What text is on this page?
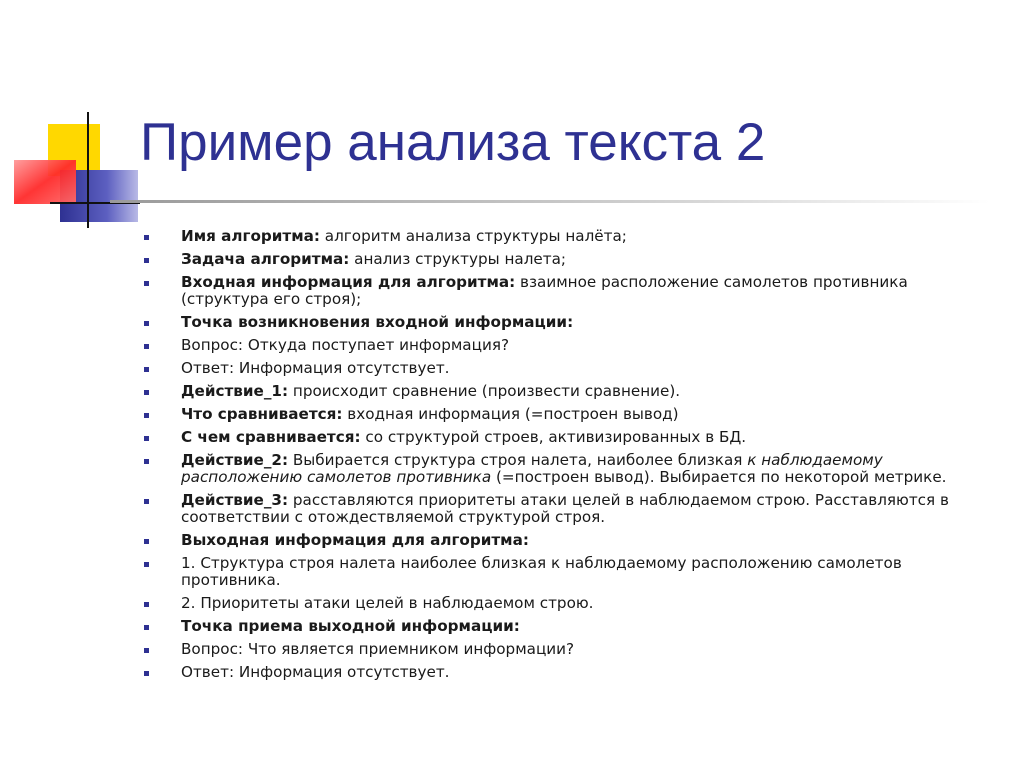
Пример анализа текста 2
Имя алгоритма: алгоритм анализа структуры налёта;
Задача алгоритма: анализ структуры налета;
Входная информация для алгоритма: взаимное расположение самолетов противника (структура его строя);
Точка возникновения входной информации:
Вопрос: Откуда поступает информация?
Ответ: Информация отсутствует.
Действие_1: происходит сравнение (произвести сравнение).
Что сравнивается: входная информация (=построен вывод)
С чем сравнивается: со структурой строев, активизированных в БД.
Действие_2: Выбирается структура строя налета, наиболее близкая к наблюдаемому расположению самолетов противника (=построен вывод). Выбирается по некоторой метрике.
Действие_3: расставляются приоритеты атаки целей в наблюдаемом строю. Расставляются в соответствии с отождествляемой структурой строя.
Выходная информация для алгоритма:
1. Структура строя налета наиболее близкая к наблюдаемому расположению самолетов противника.
2. Приоритеты атаки целей в наблюдаемом строю.
Точка приема выходной информации:
Вопрос: Что является приемником информации?
Ответ: Информация отсутствует.
